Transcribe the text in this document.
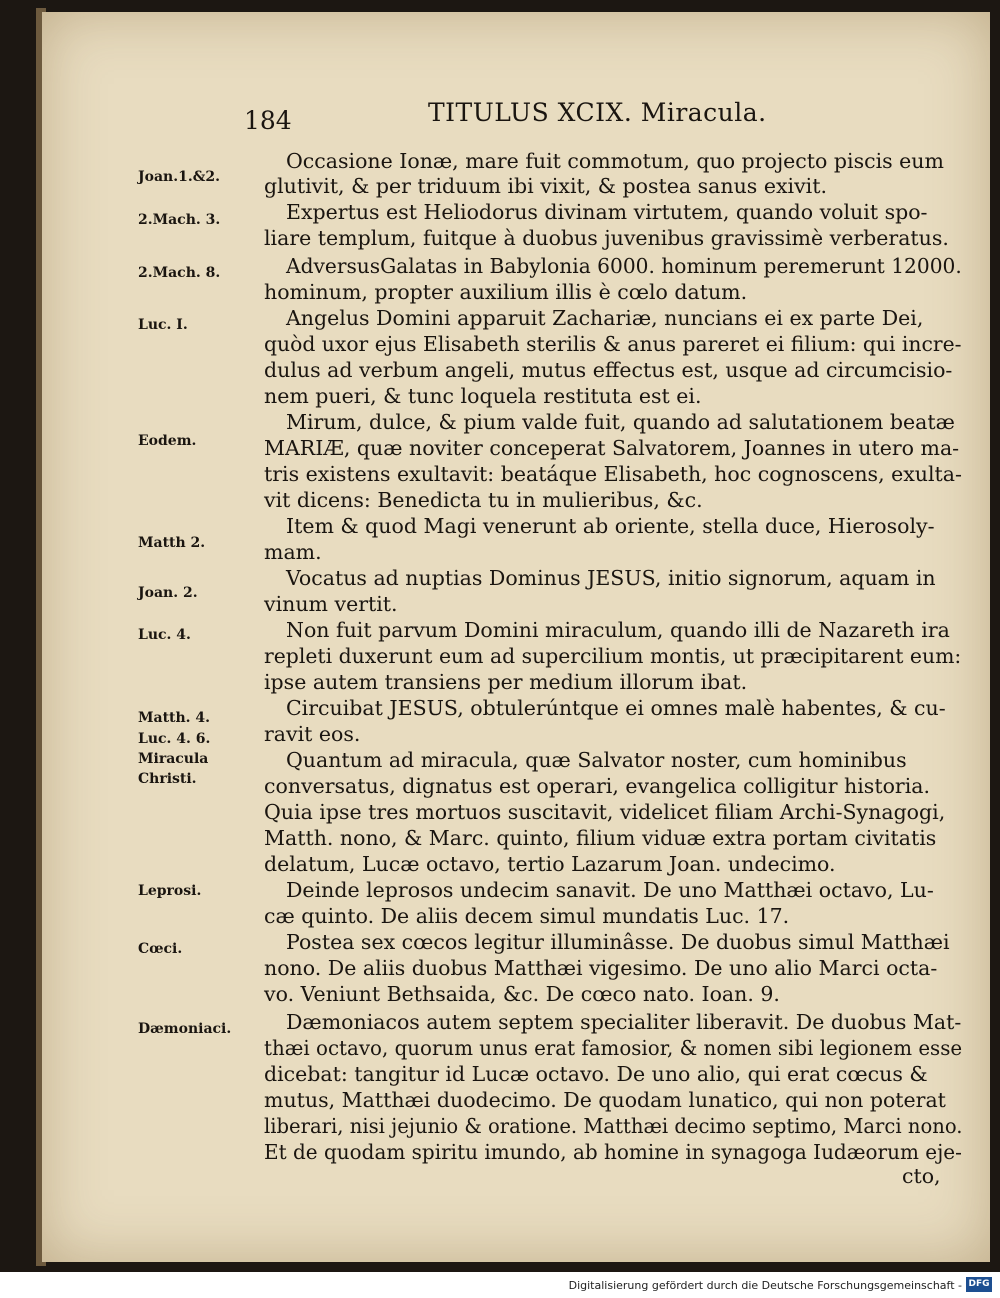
184	TITULUS XCIX. Miracula.
Joan.1.&2.
2.Mach. 3.
2.Mach. 8.
Luc. I.
Eodem.
Matth 2.
Joan. 2.
Luc. 4.
Matth. 4.
Luc. 4. 6.
Miracula
Christi.
Leprosi.
Cœci.
Dæmoniaci.
Occasione Ionæ, mare fuit commotum, quo projecto piscis eum
glutivit, & per triduum ibi vixit, & postea sanus exivit.
Expertus est Heliodorus divinam virtutem, quando voluit spo-
liare templum, fuitque à duobus juvenibus gravissimè verberatus.
AdversusGalatas in Babylonia 6000. hominum peremerunt 12000.
hominum, propter auxilium illis è cœlo datum.
Angelus Domini apparuit Zachariæ, nuncians ei ex parte Dei,
quòd uxor ejus Elisabeth sterilis & anus pareret ei filium: qui incre-
dulus ad verbum angeli, mutus effectus est, usque ad circumcisio-
nem pueri, & tunc loquela restituta est ei.
Mirum, dulce, & pium valde fuit, quando ad salutationem beatæ
MARIÆ, quæ noviter conceperat Salvatorem, Joannes in utero ma-
tris existens exultavit: beatáque Elisabeth, hoc cognoscens, exulta-
vit dicens: Benedicta tu in mulieribus, &c.
Item & quod Magi venerunt ab oriente, stella duce, Hierosoly-
mam.
Vocatus ad nuptias Dominus JESUS, initio signorum, aquam in
vinum vertit.
Non fuit parvum Domini miraculum, quando illi de Nazareth ira
repleti duxerunt eum ad supercilium montis, ut præcipitarent eum:
ipse autem transiens per medium illorum ibat.
Circuibat JESUS, obtulerúntque ei omnes malè habentes, & cu-
ravit eos.
Quantum ad miracula, quæ Salvator noster, cum hominibus
conversatus, dignatus est operari, evangelica colligitur historia.
Quia ipse tres mortuos suscitavit, videlicet filiam Archi-Synagogi,
Matth. nono, & Marc. quinto, filium viduæ extra portam civitatis
delatum, Lucæ octavo, tertio Lazarum Joan. undecimo.
Deinde leprosos undecim sanavit. De uno Matthæi octavo, Lu-
cæ quinto. De aliis decem simul mundatis Luc. 17.
Postea sex cœcos legitur illuminâsse. De duobus simul Matthæi
nono. De aliis duobus Matthæi vigesimo. De uno alio Marci octa-
vo. Veniunt Bethsaida, &c. De cœco nato. Ioan. 9.
Dæmoniacos autem septem specialiter liberavit. De duobus Mat-
thæi octavo, quorum unus erat famosior, & nomen sibi legionem esse
dicebat: tangitur id Lucæ octavo. De uno alio, qui erat cœcus &
mutus, Matthæi duodecimo. De quodam lunatico, qui non poterat
liberari, nisi jejunio & oratione. Matthæi decimo septimo, Marci nono.
Et de quodam spiritu imundo, ab homine in synagoga Iudæorum eje-
cto,
Digitalisierung gefördert durch die Deutsche Forschungsgemeinschaft - DFG
